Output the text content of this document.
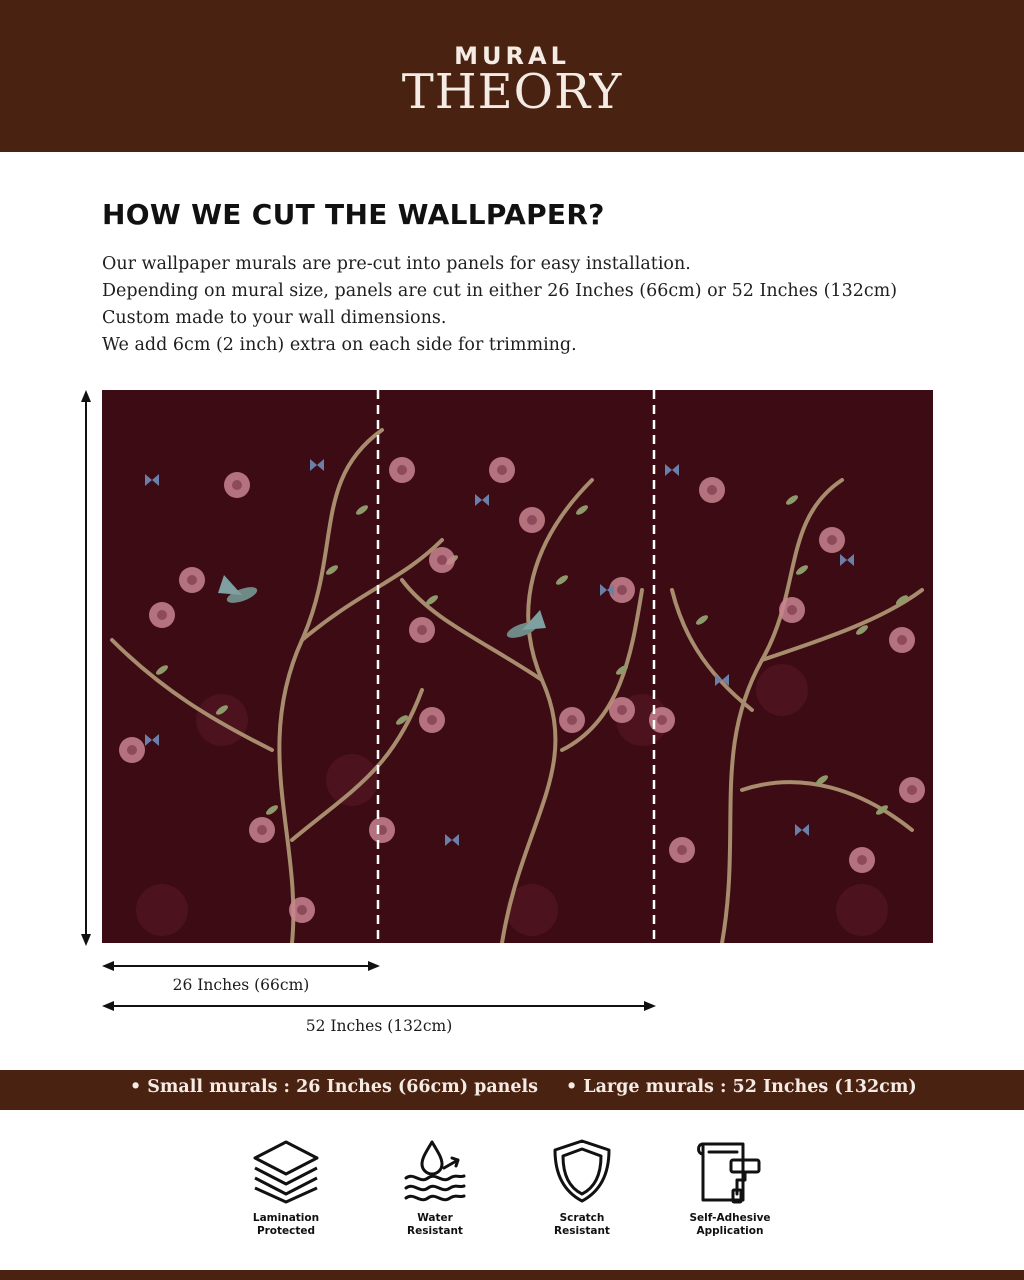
MURAL
THEORY
HOW WE CUT THE WALLPAPER?
Our wallpaper murals are pre-cut into panels for easy installation.
Depending on mural size, panels are cut in either 26 Inches (66cm) or 52 Inches (132cm)
Custom made to your wall dimensions.
We add 6cm (2 inch) extra on each side for trimming.
26 Inches (66cm)
52 Inches (132cm)
• Small murals : 26 Inches (66cm) panels • Large murals : 52 Inches (132cm)
Lamination
Protected
Water
Resistant
Scratch
Resistant
Self-Adhesive
Application
